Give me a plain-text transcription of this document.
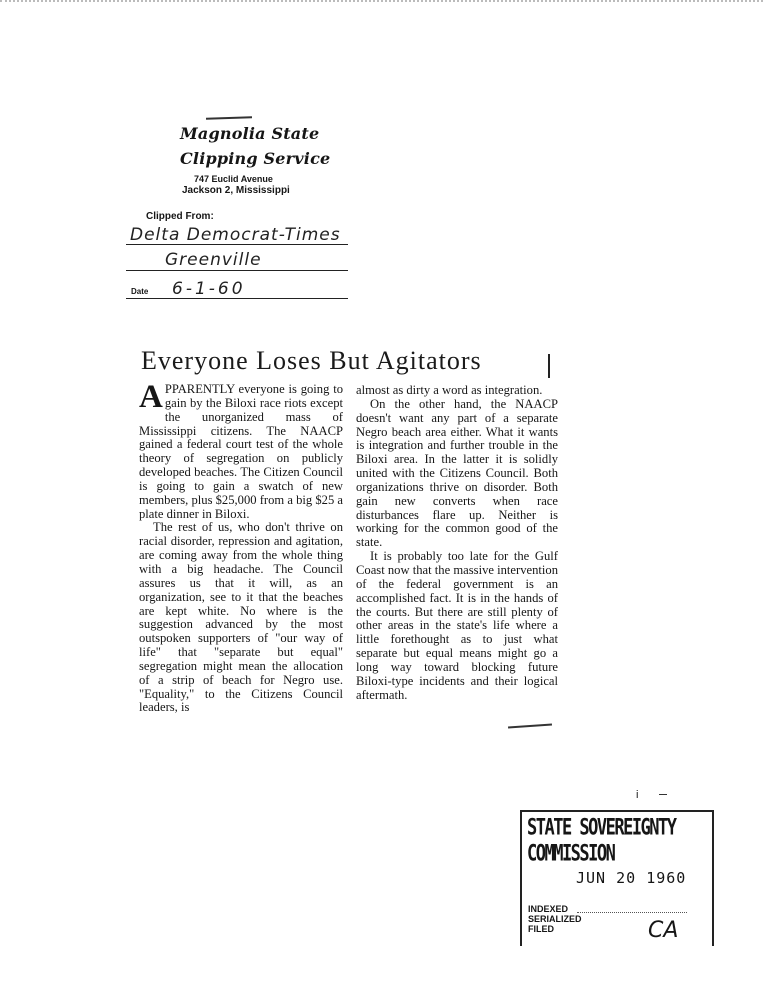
Magnolia State
Clipping Service
747 Euclid Avenue
Jackson 2, Mississippi
Clipped From:
Delta Democrat-Times
Greenville
Date 6-1-60
Everyone Loses But Agitators

APPARENTLY everyone is going to gain by the Biloxi race riots except the unorganized mass of Mississippi citizens. The NAACP gained a federal court test of the whole theory of segregation on publicly developed beaches. The Citizen Council is going to gain a swatch of new members, plus $25,000 from a big $25 a plate dinner in Biloxi.

The rest of us, who don't thrive on racial disorder, repression and agitation, are coming away from the whole thing with a big headache. The Council assures us that it will, as an organization, see to it that the beaches are kept white. No where is the suggestion advanced by the most outspoken supporters of "our way of life" that "separate but equal" segregation might mean the allocation of a strip of beach for Negro use. "Equality," to the Citizens Council leaders, is

almost as dirty a word as integration.

On the other hand, the NAACP doesn't want any part of a separate Negro beach area either. What it wants is integration and further trouble in the Biloxi area. In the latter it is solidly united with the Citizens Council. Both organizations thrive on disorder. Both gain new converts when race disturbances flare up. Neither is working for the common good of the state.

It is probably too late for the Gulf Coast now that the massive intervention of the federal government is an accomplished fact. It is in the hands of the courts. But there are still plenty of other areas in the state's life where a little forethought as to just what separate but equal means might go a long way toward blocking future Biloxi-type incidents and their logical aftermath.

i
STATE SOVEREIGNTY COMMISSION
JUN 20 1960
INDEXED
SERIALIZED
FILED	CA
